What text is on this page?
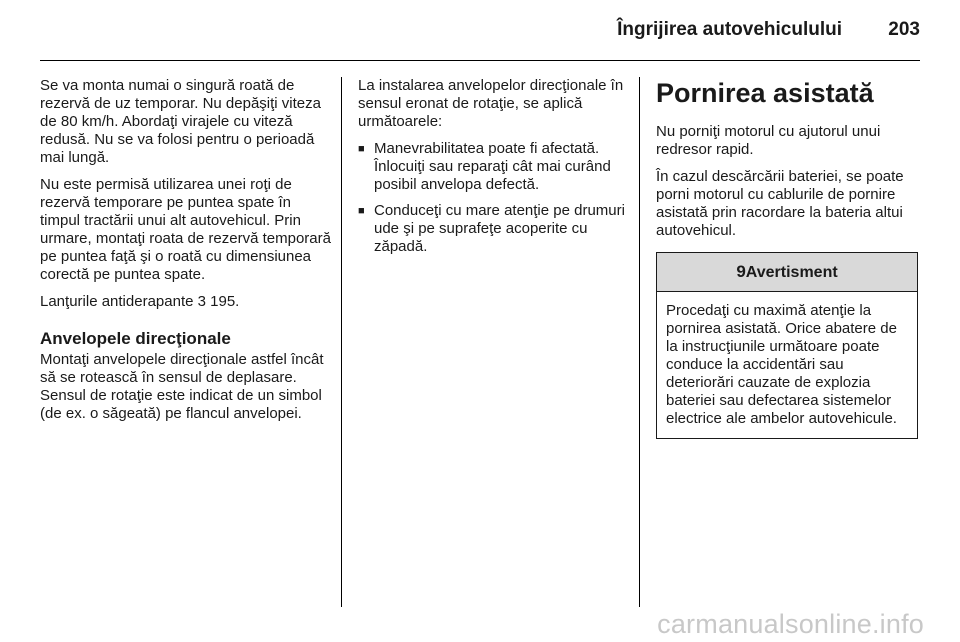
Îngrijirea autovehiculului 203

Se va monta numai o singură roată de rezervă de uz temporar. Nu depăşiţi viteza de 80 km/h. Abordaţi virajele cu viteză redusă. Nu se va folosi pentru o perioadă mai lungă.

Nu este permisă utilizarea unei roţi de rezervă temporare pe puntea spate în timpul tractării unui alt autovehicul. Prin urmare, montaţi roata de rezervă temporară pe puntea faţă şi o roată cu dimensiunea corectă pe puntea spate.

Lanţurile antiderapante 3 195.

Anvelopele direcţionale

Montaţi anvelopele direcţionale astfel încât să se rotească în sensul de deplasare. Sensul de rotaţie este indicat de un simbol (de ex. o săgeată) pe flancul anvelopei.

La instalarea anvelopelor direcţionale în sensul eronat de rotaţie, se aplică următoarele:

■ Manevrabilitatea poate fi afectată. Înlocuiţi sau reparaţi cât mai curând posibil anvelopa defectă.
■ Conduceţi cu mare atenţie pe drumuri ude şi pe suprafeţe acoperite cu zăpadă.
Pornirea asistată

Nu porniţi motorul cu ajutorul unui redresor rapid.

În cazul descărcării bateriei, se poate porni motorul cu cablurile de pornire asistată prin racordare la bateria altui autovehicul.

9Avertisment
Procedaţi cu maximă atenţie la pornirea asistată. Orice abatere de la instrucţiunile următoare poate conduce la accidentări sau deteriorări cauzate de explozia bateriei sau defectarea sistemelor electrice ale ambelor autovehicule.
carmanualsonline.info
